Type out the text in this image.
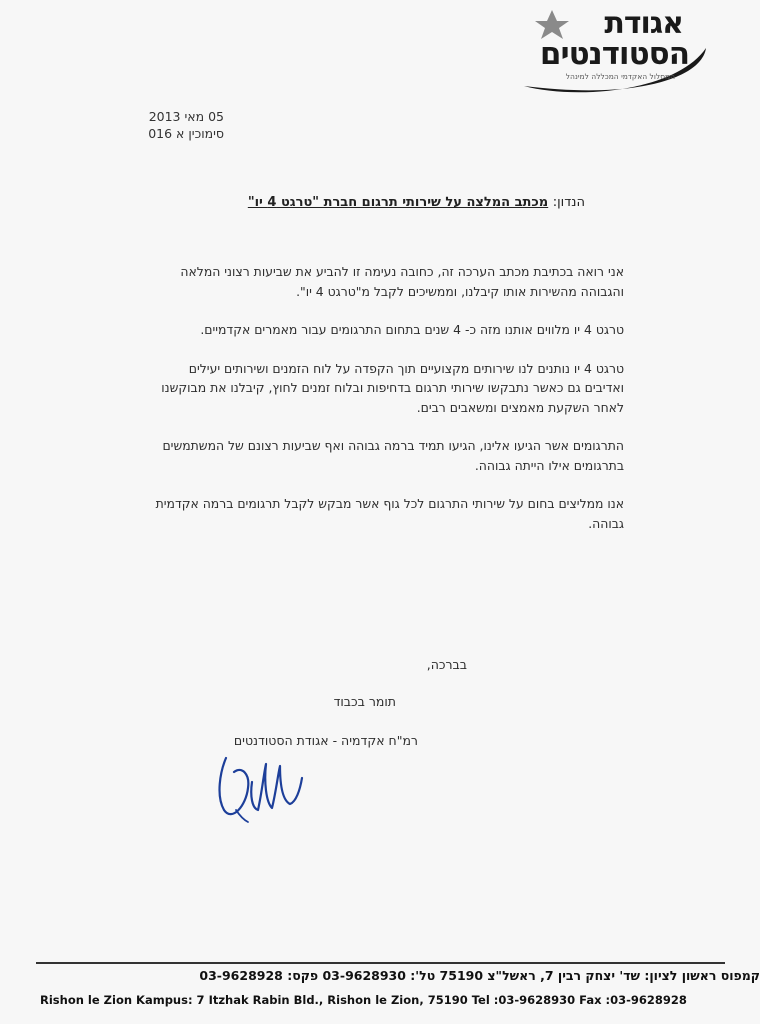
אגודת
הסטודנטים
המסלול האקדמי המכללה למינהל
05 מאי 2013
סימוכין א 016
הנדון: מכתב המלצה על שירותי תרגום חברת "טרגט 4 יו"

אני רואה בכתיבת מכתב הערכה זה, כחובה נעימה זו להביע את שביעות רצוני המלאה
והגבוהה מהשירות אותו קיבלנו, וממשיכים לקבל מ"טרגט 4 יו".

טרגט 4 יו מלווים אותנו מזה כ- 4 שנים בתחום התרגומים עבור מאמרים אקדמיים.

טרגט 4 יו נותנים לנו שירותים מקצועיים תוך הקפדה על לוח הזמנים ושירותים יעילים
ואדיבים גם כאשר נתבקשו שירותי תרגום בדחיפות ובלוח זמנים לחוץ, קיבלנו את מבוקשנו
לאחר השקעת מאמצים ומשאבים רבים.

התרגומים אשר הגיעו אלינו, הגיעו תמיד ברמה גבוהה ואף שביעות רצונם של המשתמשים
בתרגומים אילו הייתה גבוהה.

אנו ממליצים בחום על שירותי התרגום לכל גוף אשר מבקש לקבל תרגומים ברמה אקדמית
גבוהה.

בברכה,
תומר בכבוד
רמ"ח אקדמיה - אגודת הסטודנטים
קמפוס ראשון לציון: שד' יצחק רבין 7, ראשל"צ 75190 טל': 03-9628930 פקס: 03-9628928
Rishon le Zion Kampus: 7 Itzhak Rabin Bld., Rishon le Zion, 75190 Tel :03-9628930 Fax :03-9628928
